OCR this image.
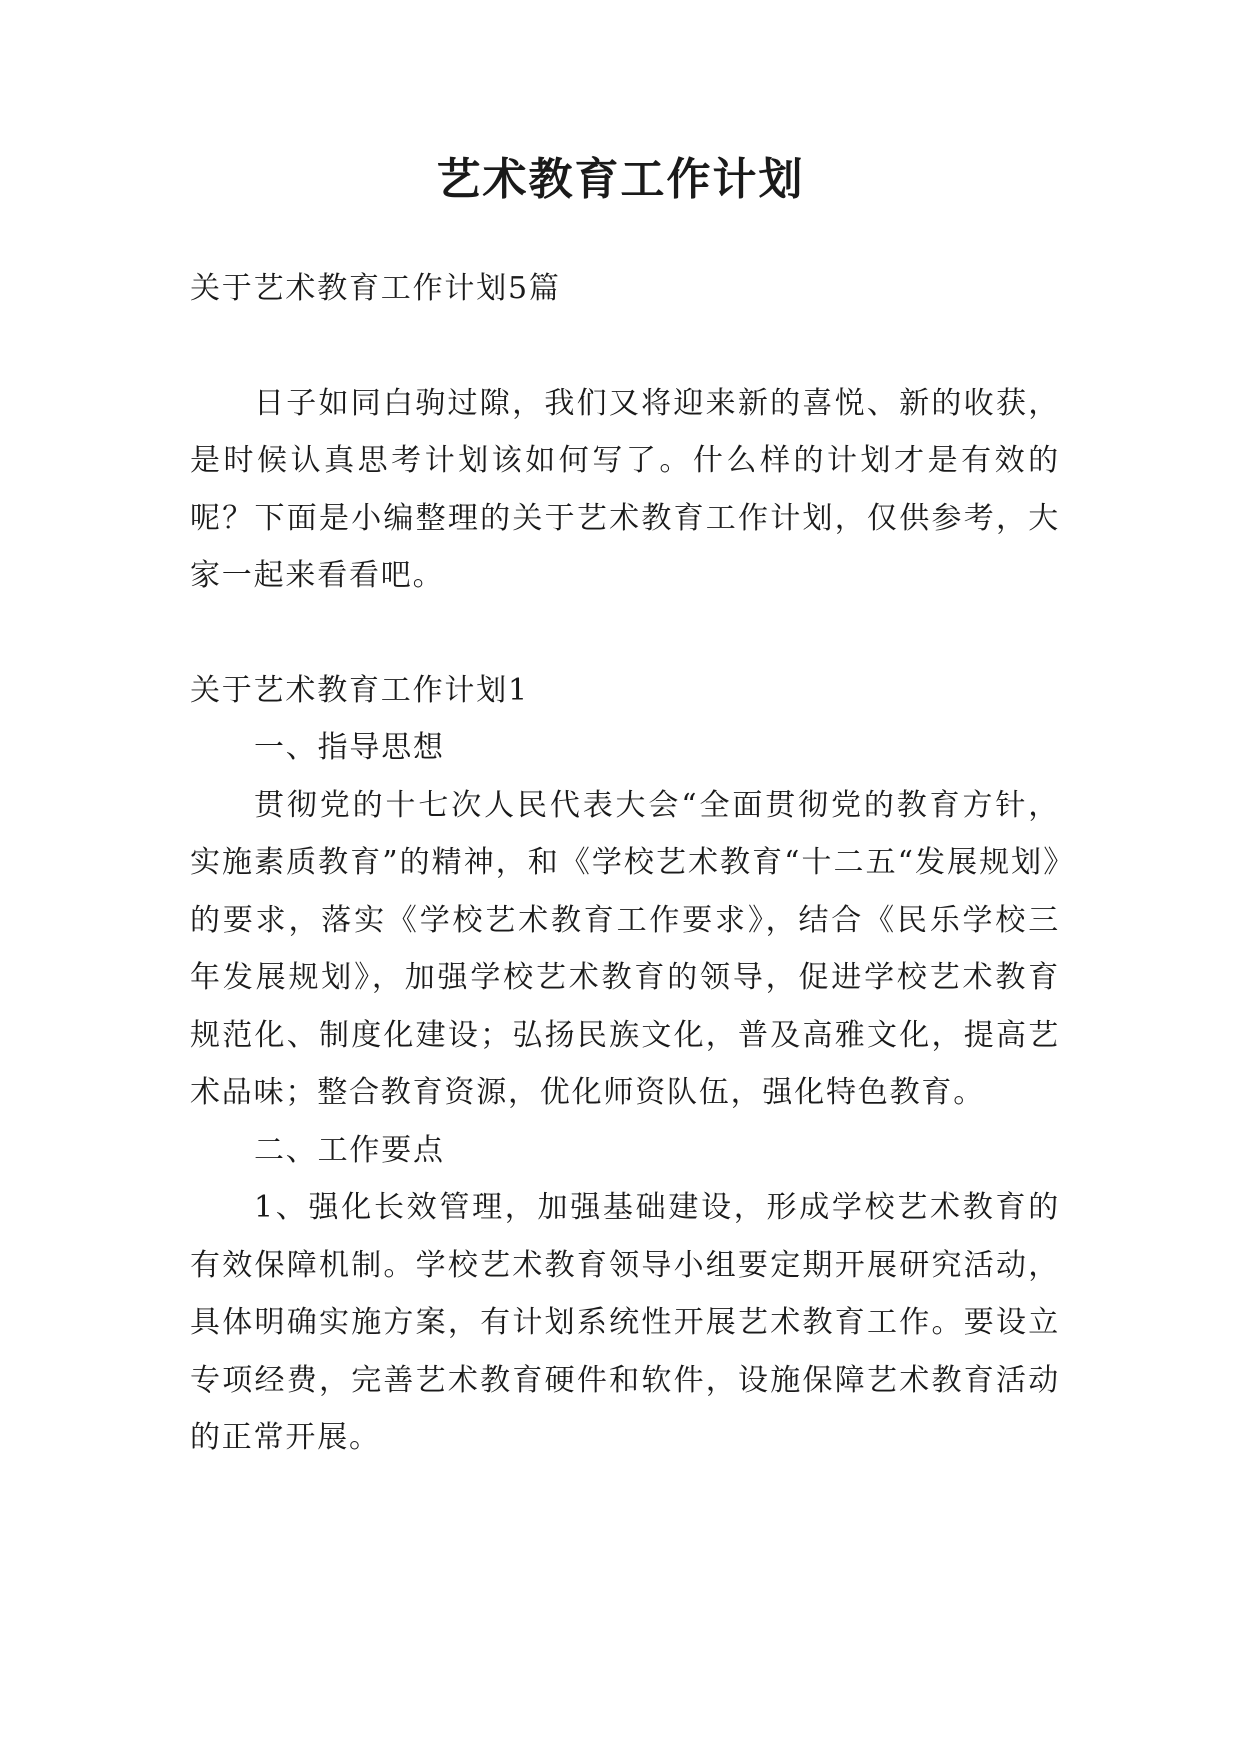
艺术教育工作计划

关于艺术教育工作计划5篇

日子如同白驹过隙，我们又将迎来新的喜悦、新的收获，是时候认真思考计划该如何写了。什么样的计划才是有效的呢？下面是小编整理的关于艺术教育工作计划，仅供参考，大家一起来看看吧。

关于艺术教育工作计划1

一、指导思想

贯彻党的十七次人民代表大会“全面贯彻党的教育方针，实施素质教育”的精神，和《学校艺术教育“十二五“发展规划》的要求，落实《学校艺术教育工作要求》，结合《民乐学校三年发展规划》，加强学校艺术教育的领导，促进学校艺术教育规范化、制度化建设；弘扬民族文化，普及高雅文化，提高艺术品味；整合教育资源，优化师资队伍，强化特色教育。

二、工作要点

1、强化长效管理，加强基础建设，形成学校艺术教育的有效保障机制。学校艺术教育领导小组要定期开展研究活动，具体明确实施方案，有计划系统性开展艺术教育工作。要设立专项经费，完善艺术教育硬件和软件，设施保障艺术教育活动的正常开展。
